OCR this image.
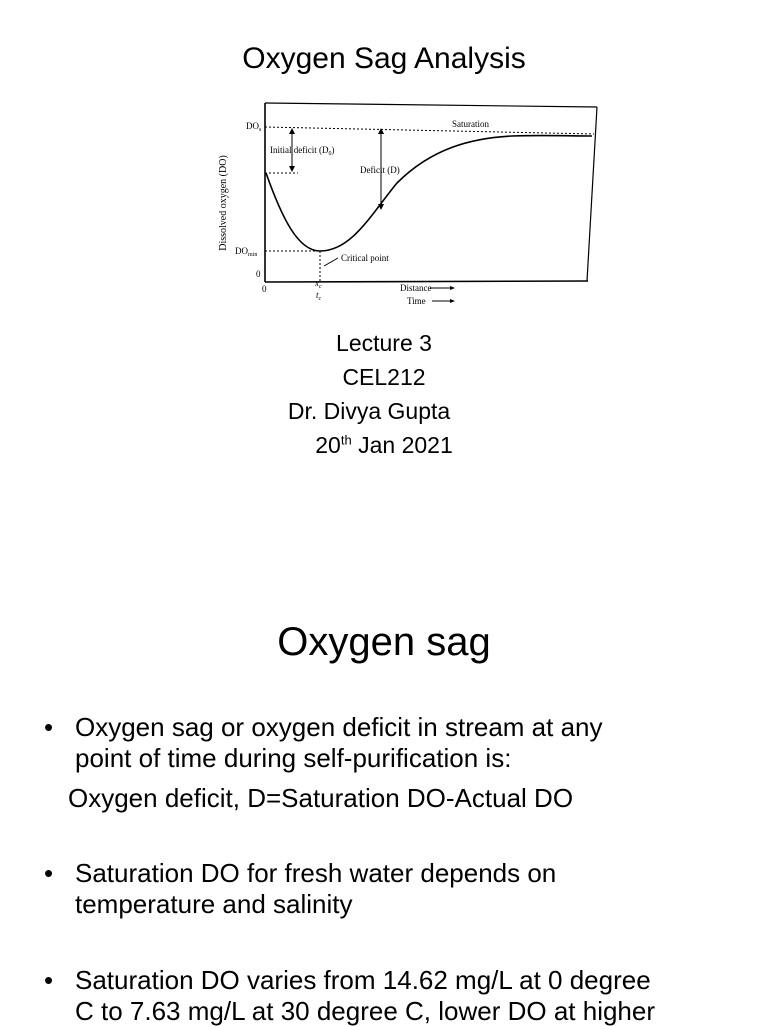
Oxygen Sag Analysis
Dissolved oxygen (DO)
$DO_s$
$DO_{min}$
0
0
Saturation
Initial deficit $(D_0)$
Deficit (D)
Critical point
$x_c$
$t_c$
Distance
Time
Lecture 3
CEL212
Dr. Divya Gupta
20th Jan 2021
Oxygen sag
• Oxygen sag or oxygen deficit in stream at any
point of time during self-purification is:
Oxygen deficit, D=Saturation DO-Actual DO
• Saturation DO for fresh water depends on
temperature and salinity
• Saturation DO varies from 14.62 mg/L at 0 degree
C to 7.63 mg/L at 30 degree C, lower DO at higher
